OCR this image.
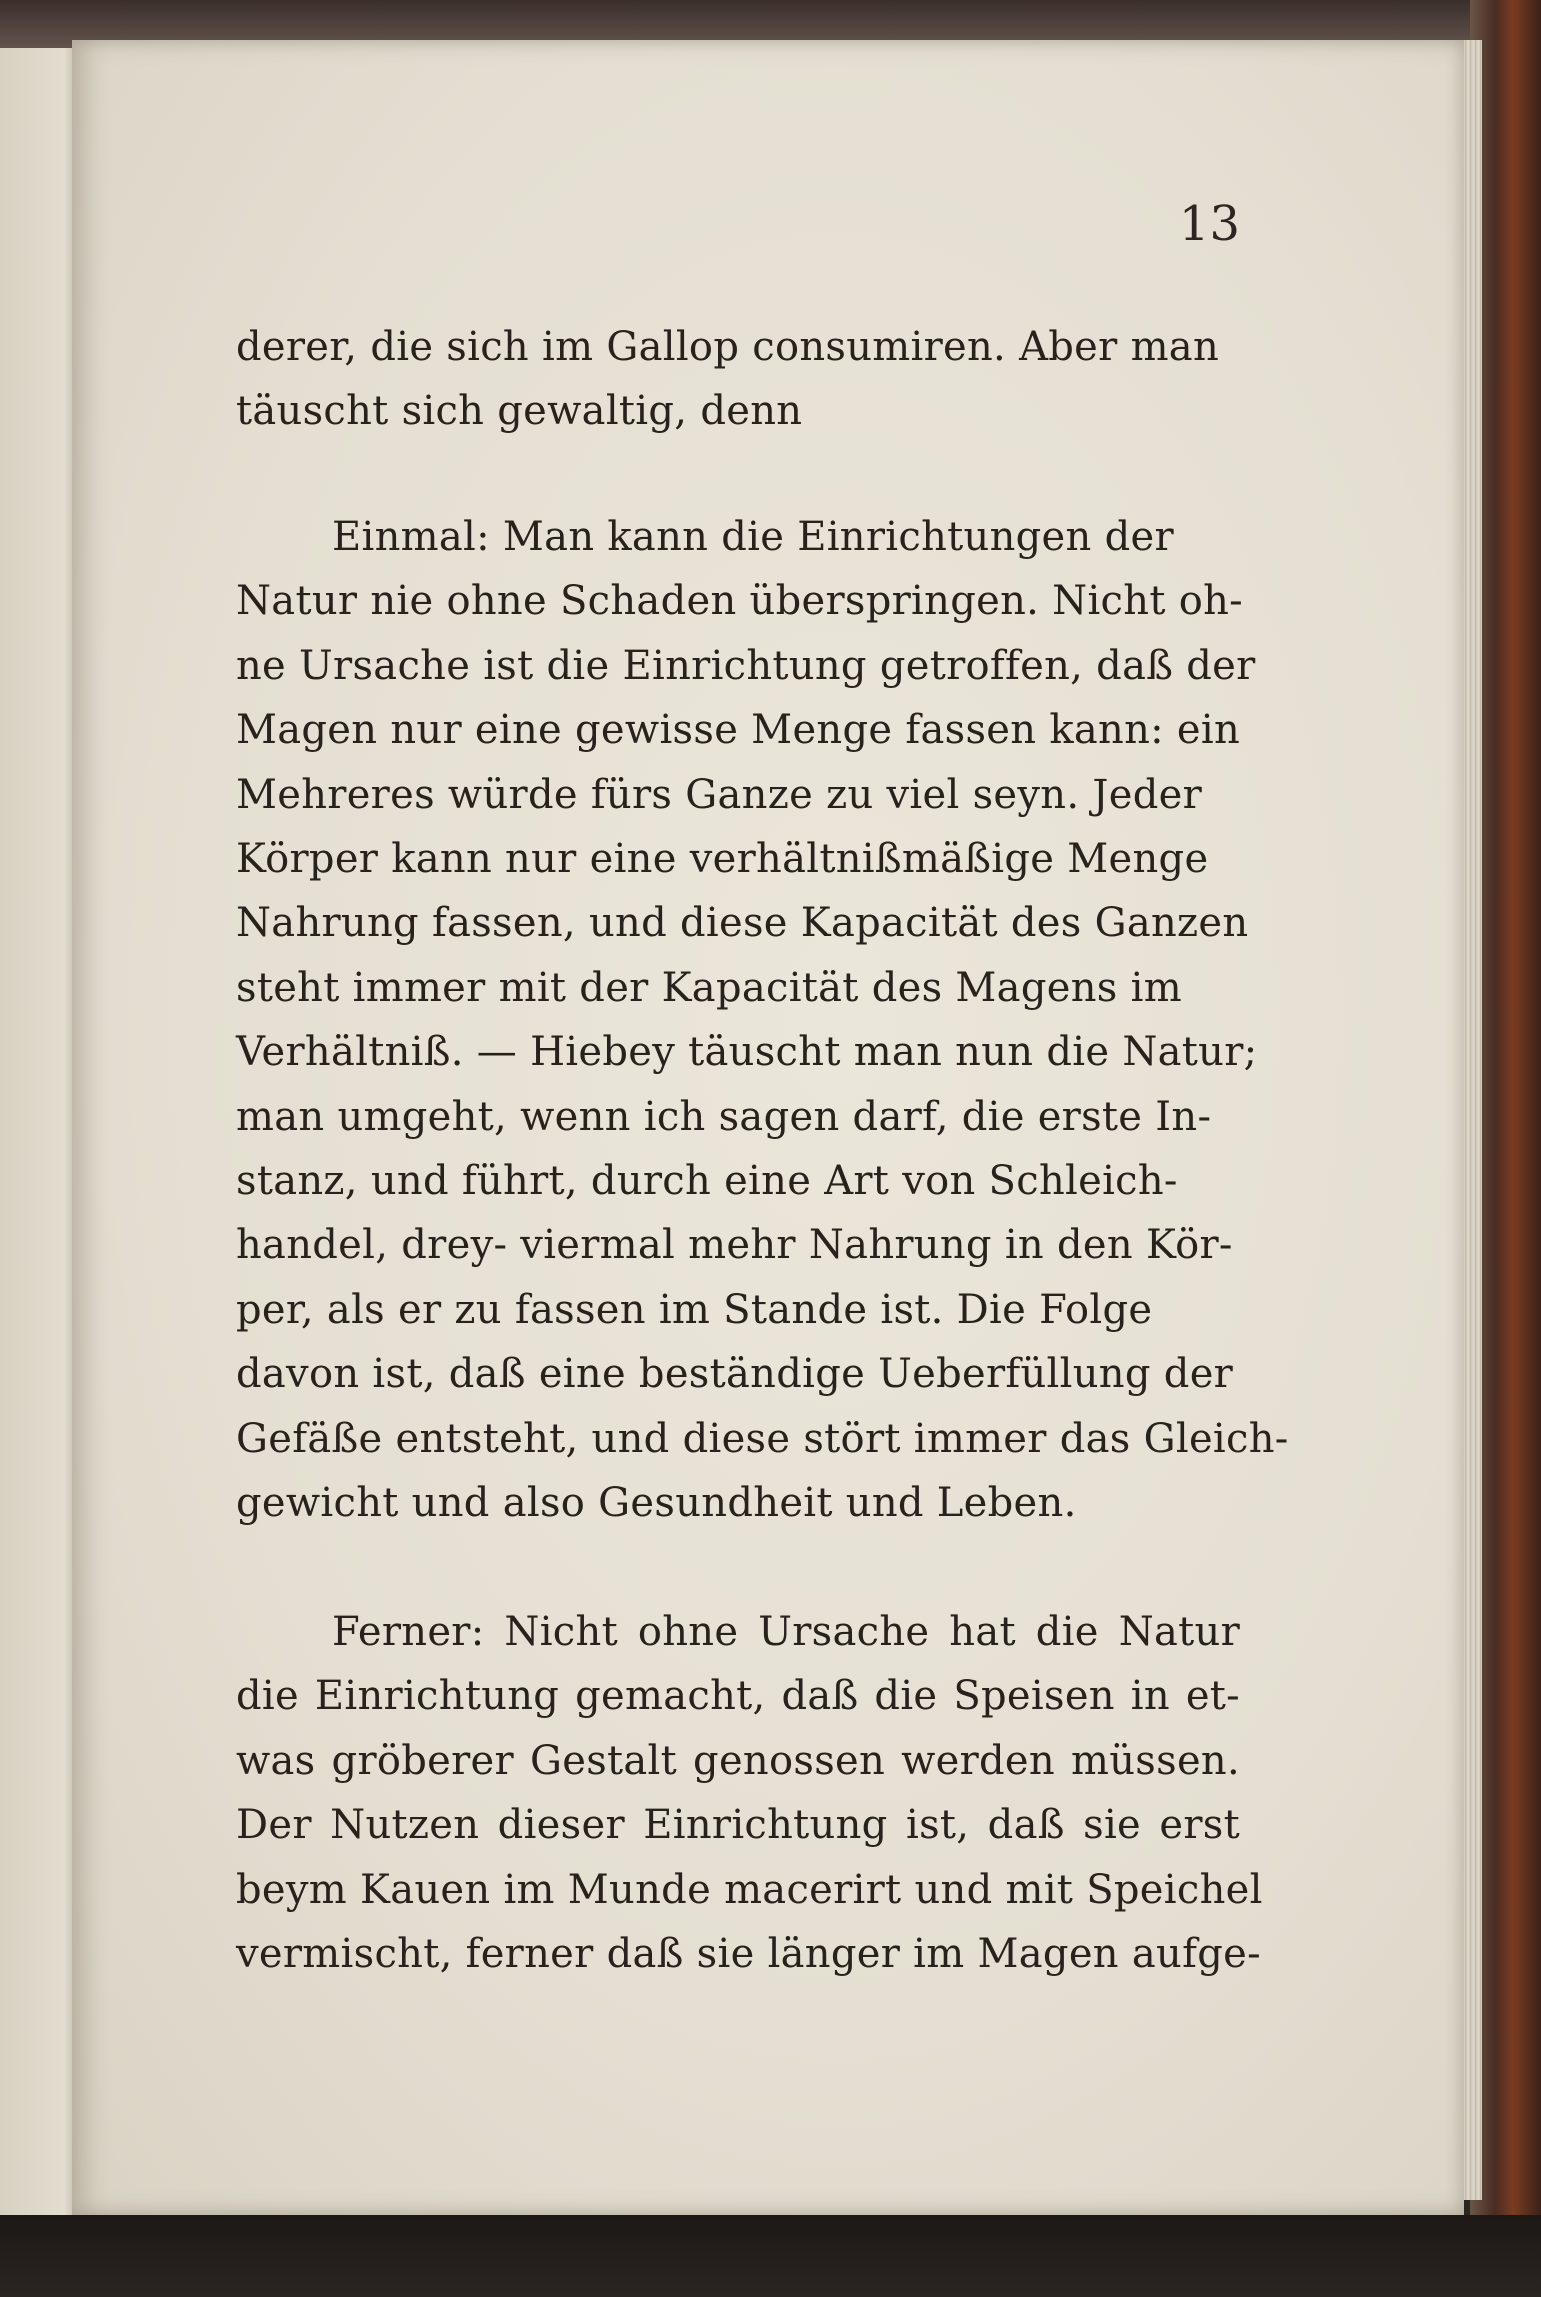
13

derer, die sich im Gallop consumiren. Aber man
täuscht sich gewaltig, denn

Einmal: Man kann die Einrichtungen der
Natur nie ohne Schaden überspringen. Nicht oh-
ne Ursache ist die Einrichtung getroffen, daß der
Magen nur eine gewisse Menge fassen kann: ein
Mehreres würde fürs Ganze zu viel seyn. Jeder
Körper kann nur eine verhältnißmäßige Menge
Nahrung fassen, und diese Kapacität des Ganzen
steht immer mit der Kapacität des Magens im
Verhältniß. — Hiebey täuscht man nun die Natur;
man umgeht, wenn ich sagen darf, die erste In-
stanz, und führt, durch eine Art von Schleich-
handel, drey- viermal mehr Nahrung in den Kör-
per, als er zu fassen im Stande ist. Die Folge
davon ist, daß eine beständige Ueberfüllung der
Gefäße entsteht, und diese stört immer das Gleich-
gewicht und also Gesundheit und Leben.

Ferner: Nicht ohne Ursache hat die Natur
die Einrichtung gemacht, daß die Speisen in et-
was gröberer Gestalt genossen werden müssen.
Der Nutzen dieser Einrichtung ist, daß sie erst
beym Kauen im Munde macerirt und mit Speichel
vermischt, ferner daß sie länger im Magen aufge-
